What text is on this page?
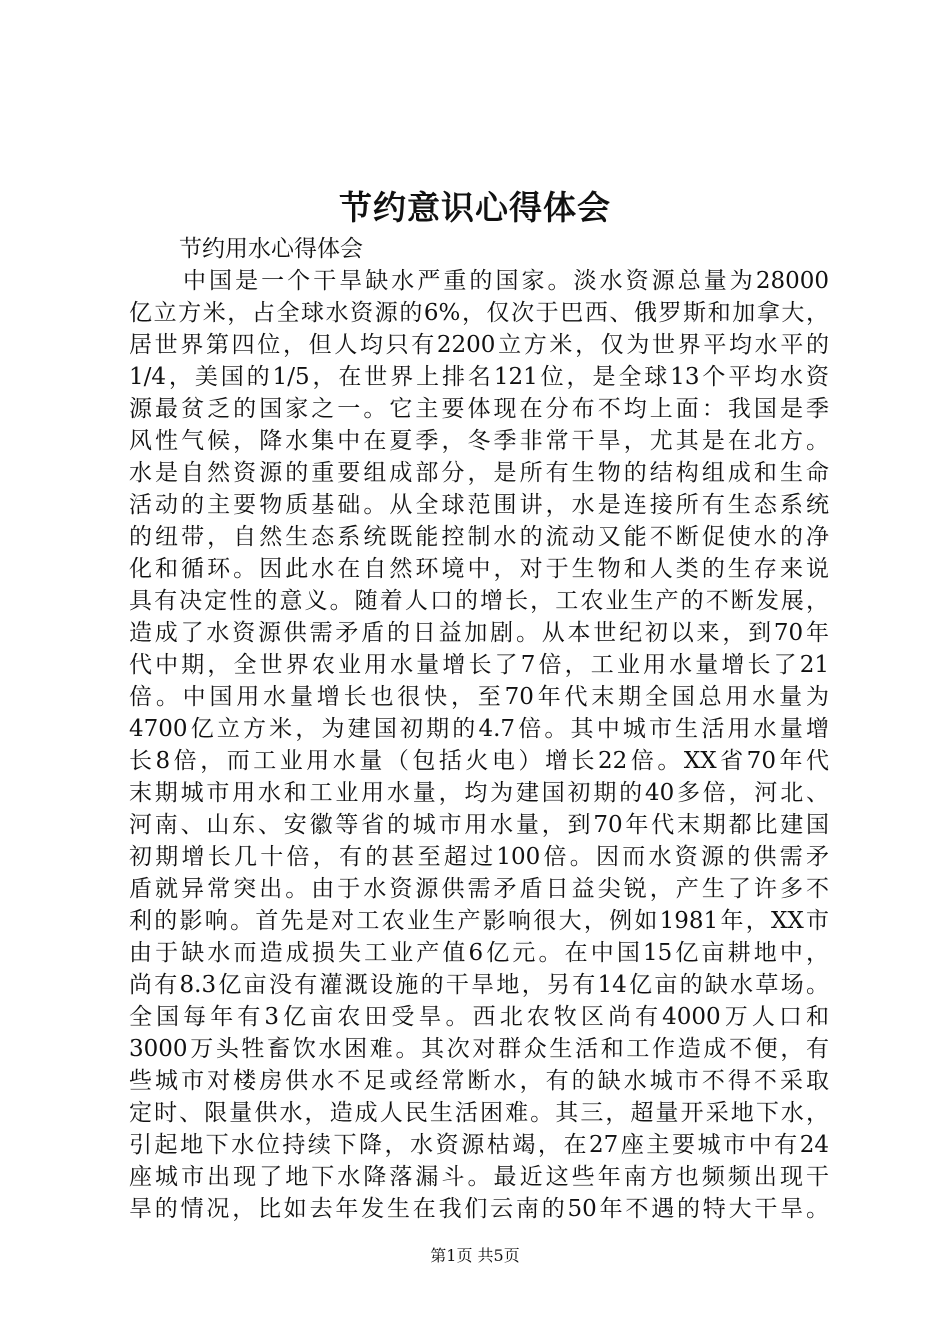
节约意识心得体会
节约用水心得体会
中国是一个干旱缺水严重的国家。淡水资源总量为28000
亿立方米，占全球水资源的6%，仅次于巴西、俄罗斯和加拿大，
居世界第四位，但人均只有2200立方米，仅为世界平均水平的
1/4，美国的1/5，在世界上排名121位，是全球13个平均水资
源最贫乏的国家之一。它主要体现在分布不均上面：我国是季
风性气候，降水集中在夏季，冬季非常干旱，尤其是在北方。
水是自然资源的重要组成部分，是所有生物的结构组成和生命
活动的主要物质基础。从全球范围讲，水是连接所有生态系统
的纽带，自然生态系统既能控制水的流动又能不断促使水的净
化和循环。因此水在自然环境中，对于生物和人类的生存来说
具有决定性的意义。随着人口的增长，工农业生产的不断发展，
造成了水资源供需矛盾的日益加剧。从本世纪初以来，到70年
代中期，全世界农业用水量增长了7倍，工业用水量增长了21
倍。中国用水量增长也很快，至70年代末期全国总用水量为
4700亿立方米，为建国初期的4.7倍。其中城市生活用水量增
长8倍，而工业用水量（包括火电）增长22倍。XX省70年代
末期城市用水和工业用水量，均为建国初期的40多倍，河北、
河南、山东、安徽等省的城市用水量，到70年代末期都比建国
初期增长几十倍，有的甚至超过100倍。因而水资源的供需矛
盾就异常突出。由于水资源供需矛盾日益尖锐，产生了许多不
利的影响。首先是对工农业生产影响很大，例如1981年，XX市
由于缺水而造成损失工业产值6亿元。在中国15亿亩耕地中，
尚有8.3亿亩没有灌溉设施的干旱地，另有14亿亩的缺水草场。
全国每年有3亿亩农田受旱。西北农牧区尚有4000万人口和
3000万头牲畜饮水困难。其次对群众生活和工作造成不便，有
些城市对楼房供水不足或经常断水，有的缺水城市不得不采取
定时、限量供水，造成人民生活困难。其三，超量开采地下水，
引起地下水位持续下降，水资源枯竭，在27座主要城市中有24
座城市出现了地下水降落漏斗。最近这些年南方也频频出现干
旱的情况，比如去年发生在我们云南的50年不遇的特大干旱。
第1页 共5页
